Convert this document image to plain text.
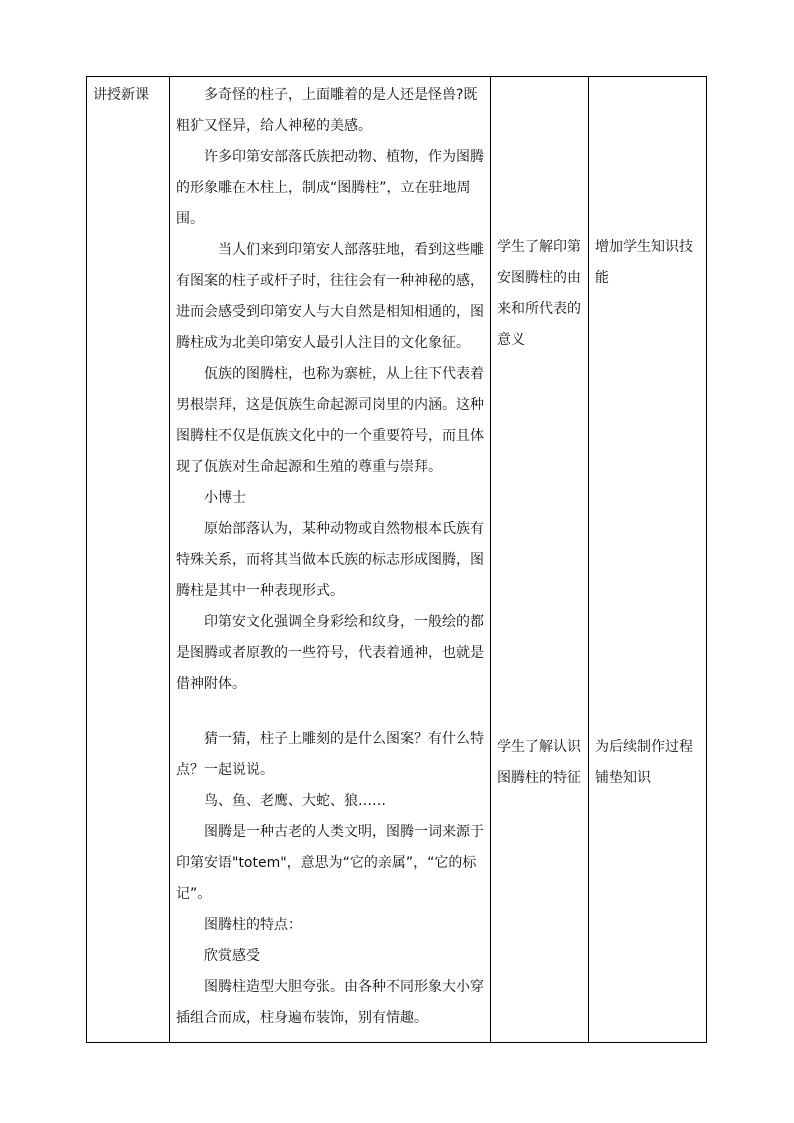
讲授新课	多奇怪的柱子，上面雕着的是人还是怪兽?既粗犷又怪异，给人神秘的美感。

许多印第安部落氏族把动物、植物，作为图腾的形象雕在木柱上，制成“图腾柱”，立在驻地周围。

当人们来到印第安人部落驻地，看到这些雕有图案的柱子或杆子时，往往会有一种神秘的感，进而会感受到印第安人与大自然是相知相通的，图腾柱成为北美印第安人最引人注目的文化象征。

佤族的图腾柱，也称为寨桩，从上往下代表着男根崇拜，这是佤族生命起源司岗里的内涵。这种图腾柱不仅是佤族文化中的一个重要符号，而且体现了佤族对生命起源和生殖的尊重与崇拜。

小博士

原始部落认为，某种动物或自然物根本氏族有特殊关系，而将其当做本氏族的标志形成图腾，图腾柱是其中一种表现形式。

印第安文化强调全身彩绘和纹身，一般绘的都是图腾或者原教的一些符号，代表着通神，也就是借神附体。

猜一猜，柱子上雕刻的是什么图案？有什么特点？一起说说。

鸟、鱼、老鹰、大蛇、狼……

图腾是一种古老的人类文明，图腾一词来源于印第安语"totem"，意思为“它的亲属”，“它的标记”。

图腾柱的特点：

欣赏感受

图腾柱造型大胆夸张。由各种不同形象大小穿插组合而成，柱身遍布装饰，别有情趣。

学生了解印第安图腾柱的由来和所代表的意义

学生了解认识图腾柱的特征

增加学生知识技能

为后续制作过程铺垫知识
